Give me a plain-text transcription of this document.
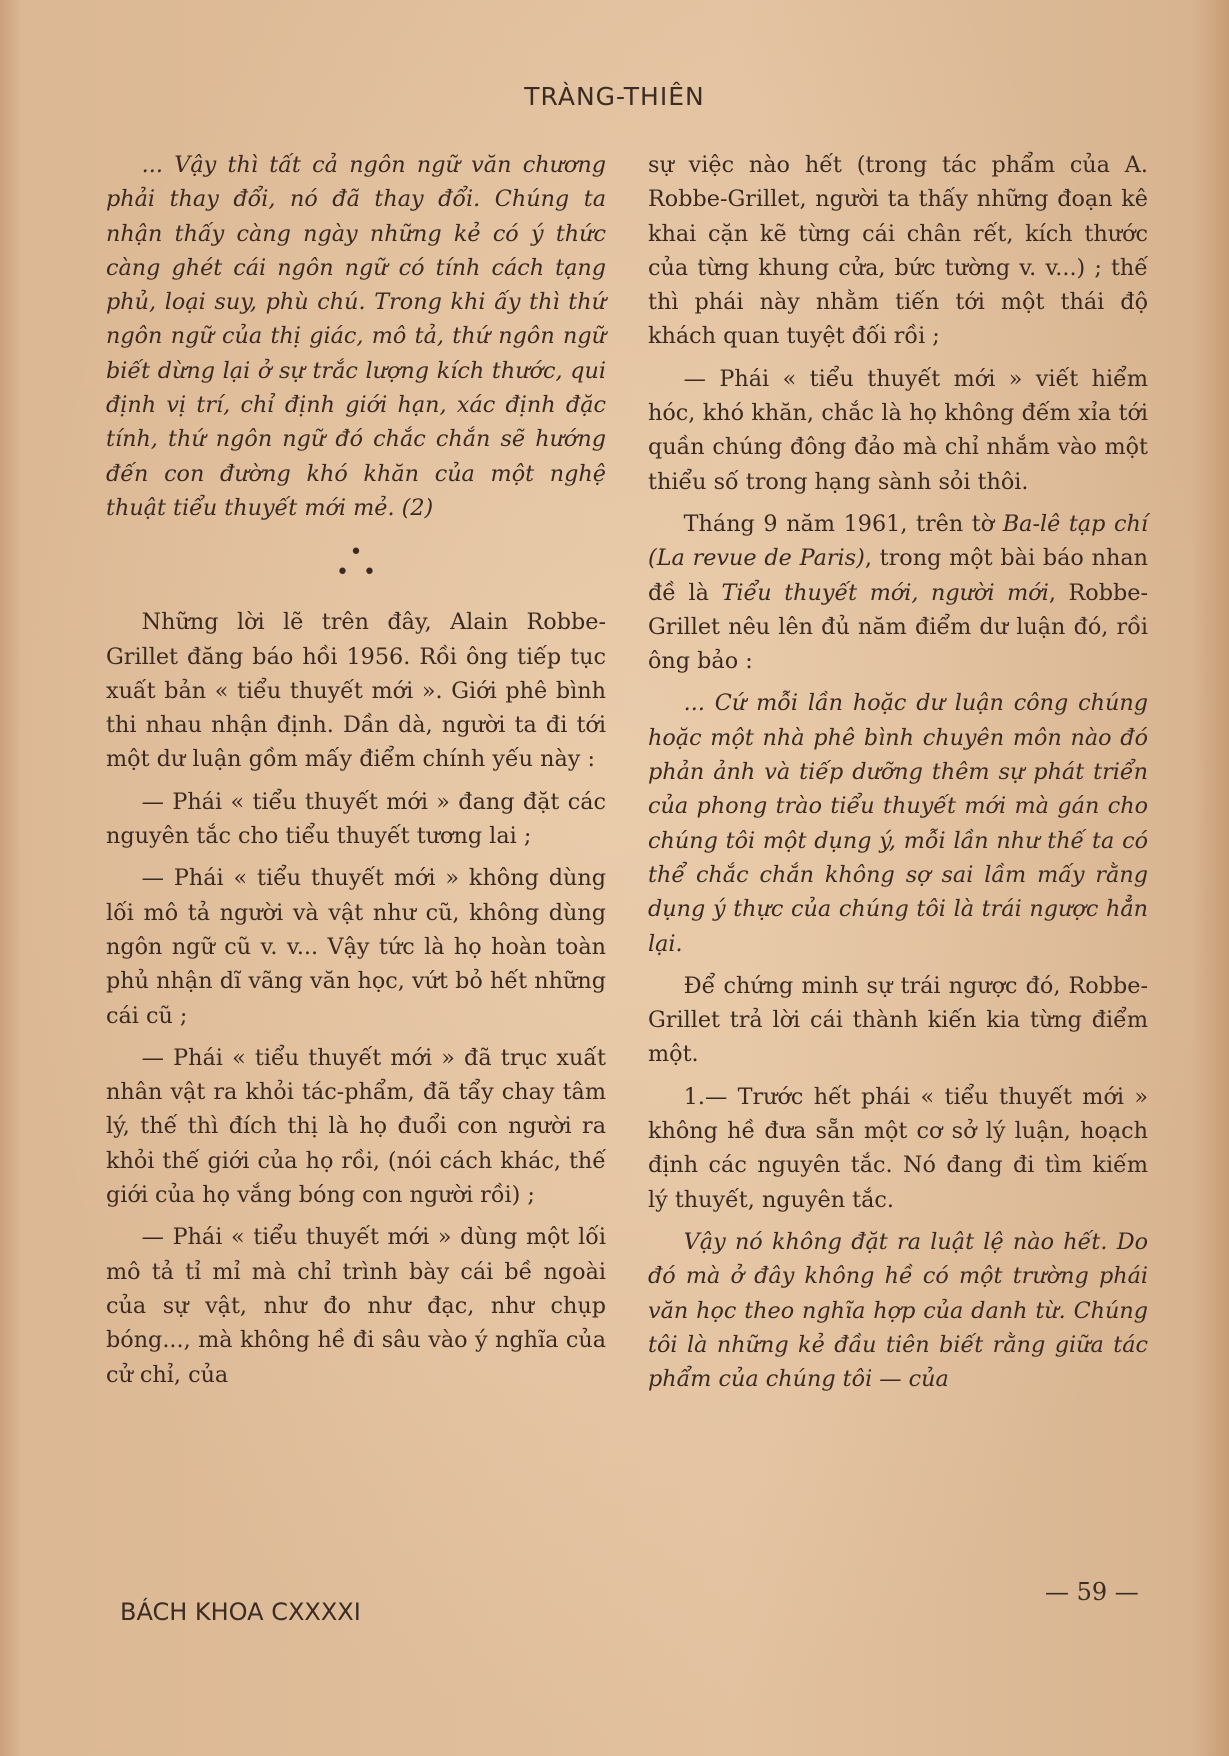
TRÀNG-THIÊN

... Vậy thì tất cả ngôn ngữ văn chương phải thay đổi, nó đã thay đổi. Chúng ta nhận thấy càng ngày những kẻ có ý thức càng ghét cái ngôn ngữ có tính cách tạng phủ, loại suy, phù chú. Trong khi ấy thì thứ ngôn ngữ của thị giác, mô tả, thứ ngôn ngữ biết dừng lại ở sự trắc lượng kích thước, qui định vị trí, chỉ định giới hạn, xác định đặc tính, thứ ngôn ngữ đó chắc chắn sẽ hướng đến con đường khó khăn của một nghệ thuật tiểu thuyết mới mẻ. (2)

•
•  •

Những lời lẽ trên đây, Alain Robbe-Grillet đăng báo hồi 1956. Rồi ông tiếp tục xuất bản « tiểu thuyết mới ». Giới phê bình thi nhau nhận định. Dần dà, người ta đi tới một dư luận gồm mấy điểm chính yếu này :

— Phái « tiểu thuyết mới » đang đặt các nguyên tắc cho tiểu thuyết tương lai ;

— Phái « tiểu thuyết mới » không dùng lối mô tả người và vật như cũ, không dùng ngôn ngữ cũ v. v... Vậy tức là họ hoàn toàn phủ nhận dĩ vãng văn học, vứt bỏ hết những cái cũ ;

— Phái « tiểu thuyết mới » đã trục xuất nhân vật ra khỏi tác-phẩm, đã tẩy chay tâm lý, thế thì đích thị là họ đuổi con người ra khỏi thế giới của họ rồi, (nói cách khác, thế giới của họ vắng bóng con người rồi) ;

— Phái « tiểu thuyết mới » dùng một lối mô tả tỉ mỉ mà chỉ trình bày cái bề ngoài của sự vật, như đo như đạc, như chụp bóng..., mà không hề đi sâu vào ý nghĩa của cử chỉ, của

sự việc nào hết (trong tác phẩm của A. Robbe-Grillet, người ta thấy những đoạn kê khai cặn kẽ từng cái chân rết, kích thước của từng khung cửa, bức tường v. v...) ; thế thì phái này nhằm tiến tới một thái độ khách quan tuyệt đối rồi ;

— Phái « tiểu thuyết mới » viết hiểm hóc, khó khăn, chắc là họ không đếm xỉa tới quần chúng đông đảo mà chỉ nhắm vào một thiểu số trong hạng sành sỏi thôi.

Tháng 9 năm 1961, trên tờ Ba-lê tạp chí (La revue de Paris), trong một bài báo nhan đề là Tiểu thuyết mới, người mới, Robbe-Grillet nêu lên đủ năm điểm dư luận đó, rồi ông bảo :

... Cứ mỗi lần hoặc dư luận công chúng hoặc một nhà phê bình chuyên môn nào đó phản ảnh và tiếp dưỡng thêm sự phát triển của phong trào tiểu thuyết mới mà gán cho chúng tôi một dụng ý, mỗi lần như thế ta có thể chắc chắn không sợ sai lầm mấy rằng dụng ý thực của chúng tôi là trái ngược hẳn lại.

Để chứng minh sự trái ngược đó, Robbe-Grillet trả lời cái thành kiến kia từng điểm một.

1.— Trước hết phái « tiểu thuyết mới » không hề đưa sẵn một cơ sở lý luận, hoạch định các nguyên tắc. Nó đang đi tìm kiếm lý thuyết, nguyên tắc.

Vậy nó không đặt ra luật lệ nào hết. Do đó mà ở đây không hề có một trường phái văn học theo nghĩa hợp của danh từ. Chúng tôi là những kẻ đầu tiên biết rằng giữa tác phẩm của chúng tôi — của

BÁCH KHOA CXXXXI
— 59 —
